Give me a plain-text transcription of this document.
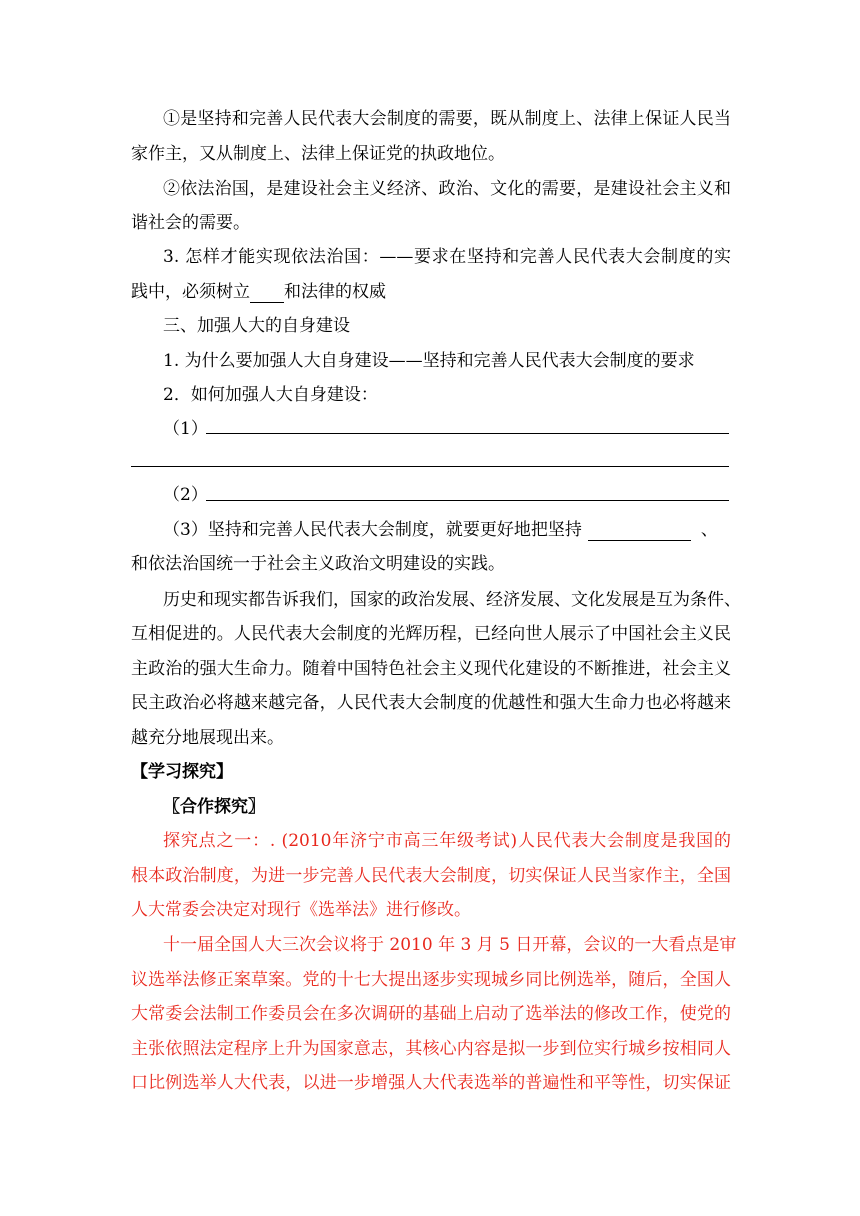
①是坚持和完善人民代表大会制度的需要，既从制度上、法律上保证人民当
家作主，又从制度上、法律上保证党的执政地位。
②依法治国，是建设社会主义经济、政治、文化的需要，是建设社会主义和
谐社会的需要。
3. 怎样才能实现依法治国：——要求在坚持和完善人民代表大会制度的实
践中，必须树立 和法律的权威
三、加强人大的自身建设
1. 为什么要加强人大自身建设——坚持和完善人民代表大会制度的要求
2．如何加强人大自身建设：
（1）
（2）
（3）坚持和完善人民代表大会制度，就要更好地把坚持	、
和依法治国统一于社会主义政治文明建设的实践。
历史和现实都告诉我们，国家的政治发展、经济发展、文化发展是互为条件、
互相促进的。人民代表大会制度的光辉历程，已经向世人展示了中国社会主义民
主政治的强大生命力。随着中国特色社会主义现代化建设的不断推进，社会主义
民主政治必将越来越完备，人民代表大会制度的优越性和强大生命力也必将越来
越充分地展现出来。
【学习探究】
〖合作探究〗
探究点之一：. (2010年济宁市高三年级考试)人民代表大会制度是我国的
根本政治制度，为进一步完善人民代表大会制度，切实保证人民当家作主，全国
人大常委会决定对现行《选举法》进行修改。
十一届全国人大三次会议将于 2010 年 3 月 5 日开幕，会议的一大看点是审
议选举法修正案草案。党的十七大提出逐步实现城乡同比例选举，随后，全国人
大常委会法制工作委员会在多次调研的基础上启动了选举法的修改工作，使党的
主张依照法定程序上升为国家意志，其核心内容是拟一步到位实行城乡按相同人
口比例选举人大代表，以进一步增强人大代表选举的普遍性和平等性，切实保证
